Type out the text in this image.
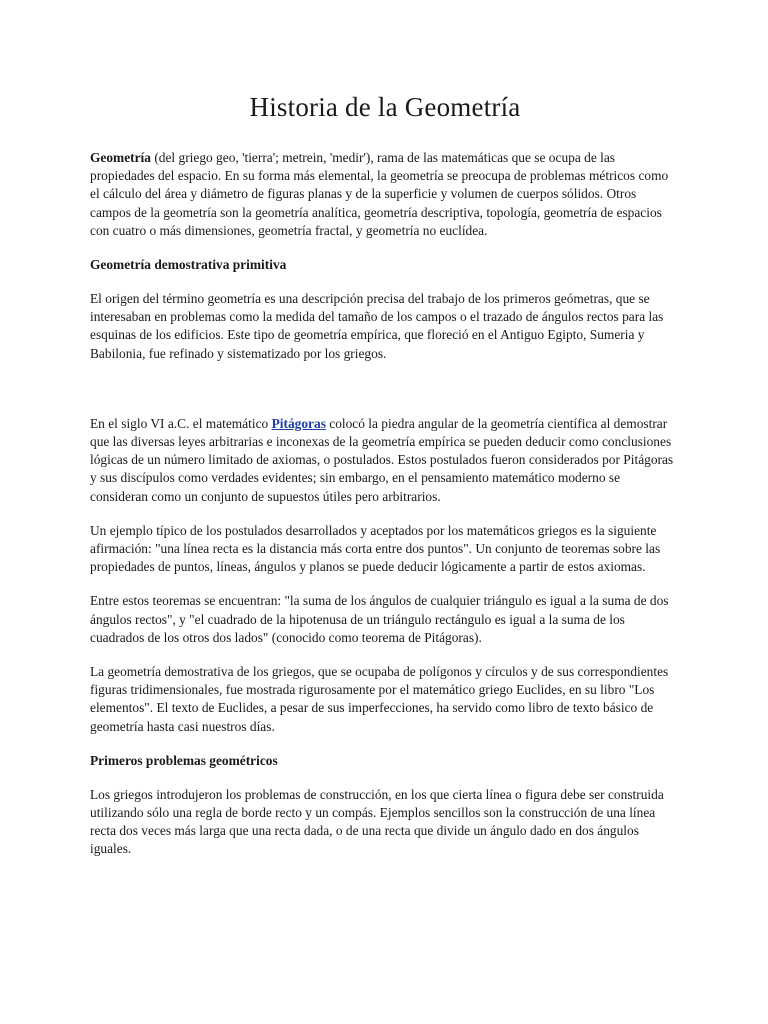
Historia de la Geometría

Geometría (del griego geo, 'tierra'; metrein, 'medir'), rama de las matemáticas que se ocupa de las propiedades del espacio. En su forma más elemental, la geometría se preocupa de problemas métricos como el cálculo del área y diámetro de figuras planas y de la superficie y volumen de cuerpos sólidos. Otros campos de la geometría son la geometría analítica, geometría descriptiva, topología, geometría de espacios con cuatro o más dimensiones, geometría fractal, y geometría no euclídea.

Geometría demostrativa primitiva

El origen del término geometría es una descripción precisa del trabajo de los primeros geómetras, que se interesaban en problemas como la medida del tamaño de los campos o el trazado de ángulos rectos para las esquinas de los edificios. Este tipo de geometría empírica, que floreció en el Antiguo Egipto, Sumeria y Babilonia, fue refinado y sistematizado por los griegos.

En el siglo VI a.C. el matemático Pitágoras colocó la piedra angular de la geometría científica al demostrar que las diversas leyes arbitrarias e inconexas de la geometría empírica se pueden deducir como conclusiones lógicas de un número limitado de axiomas, o postulados. Estos postulados fueron considerados por Pitágoras y sus discípulos como verdades evidentes; sin embargo, en el pensamiento matemático moderno se consideran como un conjunto de supuestos útiles pero arbitrarios.

Un ejemplo típico de los postulados desarrollados y aceptados por los matemáticos griegos es la siguiente afirmación: "una línea recta es la distancia más corta entre dos puntos". Un conjunto de teoremas sobre las propiedades de puntos, líneas, ángulos y planos se puede deducir lógicamente a partir de estos axiomas.

Entre estos teoremas se encuentran: "la suma de los ángulos de cualquier triángulo es igual a la suma de dos ángulos rectos", y "el cuadrado de la hipotenusa de un triángulo rectángulo es igual a la suma de los cuadrados de los otros dos lados" (conocido como teorema de Pitágoras).

La geometría demostrativa de los griegos, que se ocupaba de polígonos y círculos y de sus correspondientes figuras tridimensionales, fue mostrada rigurosamente por el matemático griego Euclides, en su libro "Los elementos". El texto de Euclides, a pesar de sus imperfecciones, ha servido como libro de texto básico de geometría hasta casi nuestros días.

Primeros problemas geométricos

Los griegos introdujeron los problemas de construcción, en los que cierta línea o figura debe ser construida utilizando sólo una regla de borde recto y un compás. Ejemplos sencillos son la construcción de una línea recta dos veces más larga que una recta dada, o de una recta que divide un ángulo dado en dos ángulos iguales.
